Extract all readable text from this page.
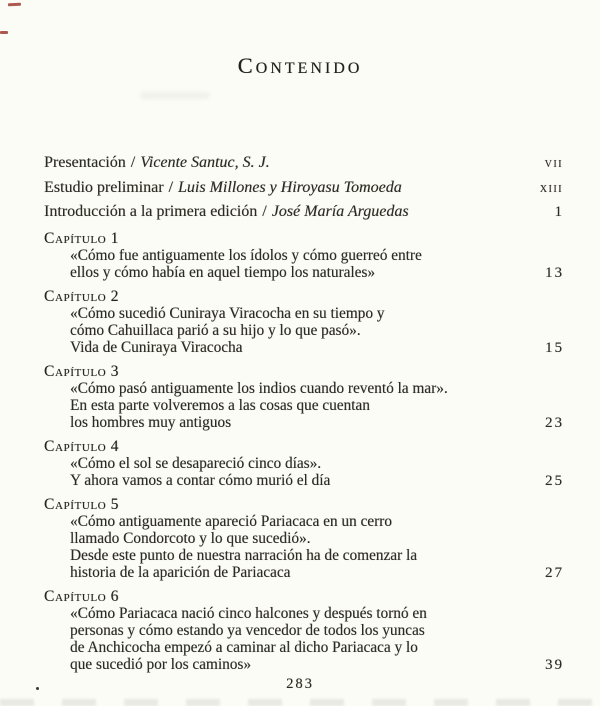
Contenido
Presentación / Vicente Santuc, S. J.	vii
Estudio preliminar / Luis Millones y Hiroyasu Tomoeda	xiii
Introducción a la primera edición / José María Arguedas	1
Capítulo 1
«Cómo fue antiguamente los ídolos y cómo guerreó entre
ellos y cómo había en aquel tiempo los naturales»	13
Capítulo 2
«Cómo sucedió Cuniraya Viracocha en su tiempo y
cómo Cahuillaca parió a su hijo y lo que pasó».
Vida de Cuniraya Viracocha	15
Capítulo 3
«Cómo pasó antiguamente los indios cuando reventó la mar».
En esta parte volveremos a las cosas que cuentan
los hombres muy antiguos	23
Capítulo 4
«Cómo el sol se desapareció cinco días».
Y ahora vamos a contar cómo murió el día	25
Capítulo 5
«Cómo antiguamente apareció Pariacaca en un cerro
llamado Condorcoto y lo que sucedió».
Desde este punto de nuestra narración ha de comenzar la
historia de la aparición de Pariacaca	27
Capítulo 6
«Cómo Pariacaca nació cinco halcones y después tornó en
personas y cómo estando ya vencedor de todos los yuncas
de Anchicocha empezó a caminar al dicho Pariacaca y lo
que sucedió por los caminos»	39
283
